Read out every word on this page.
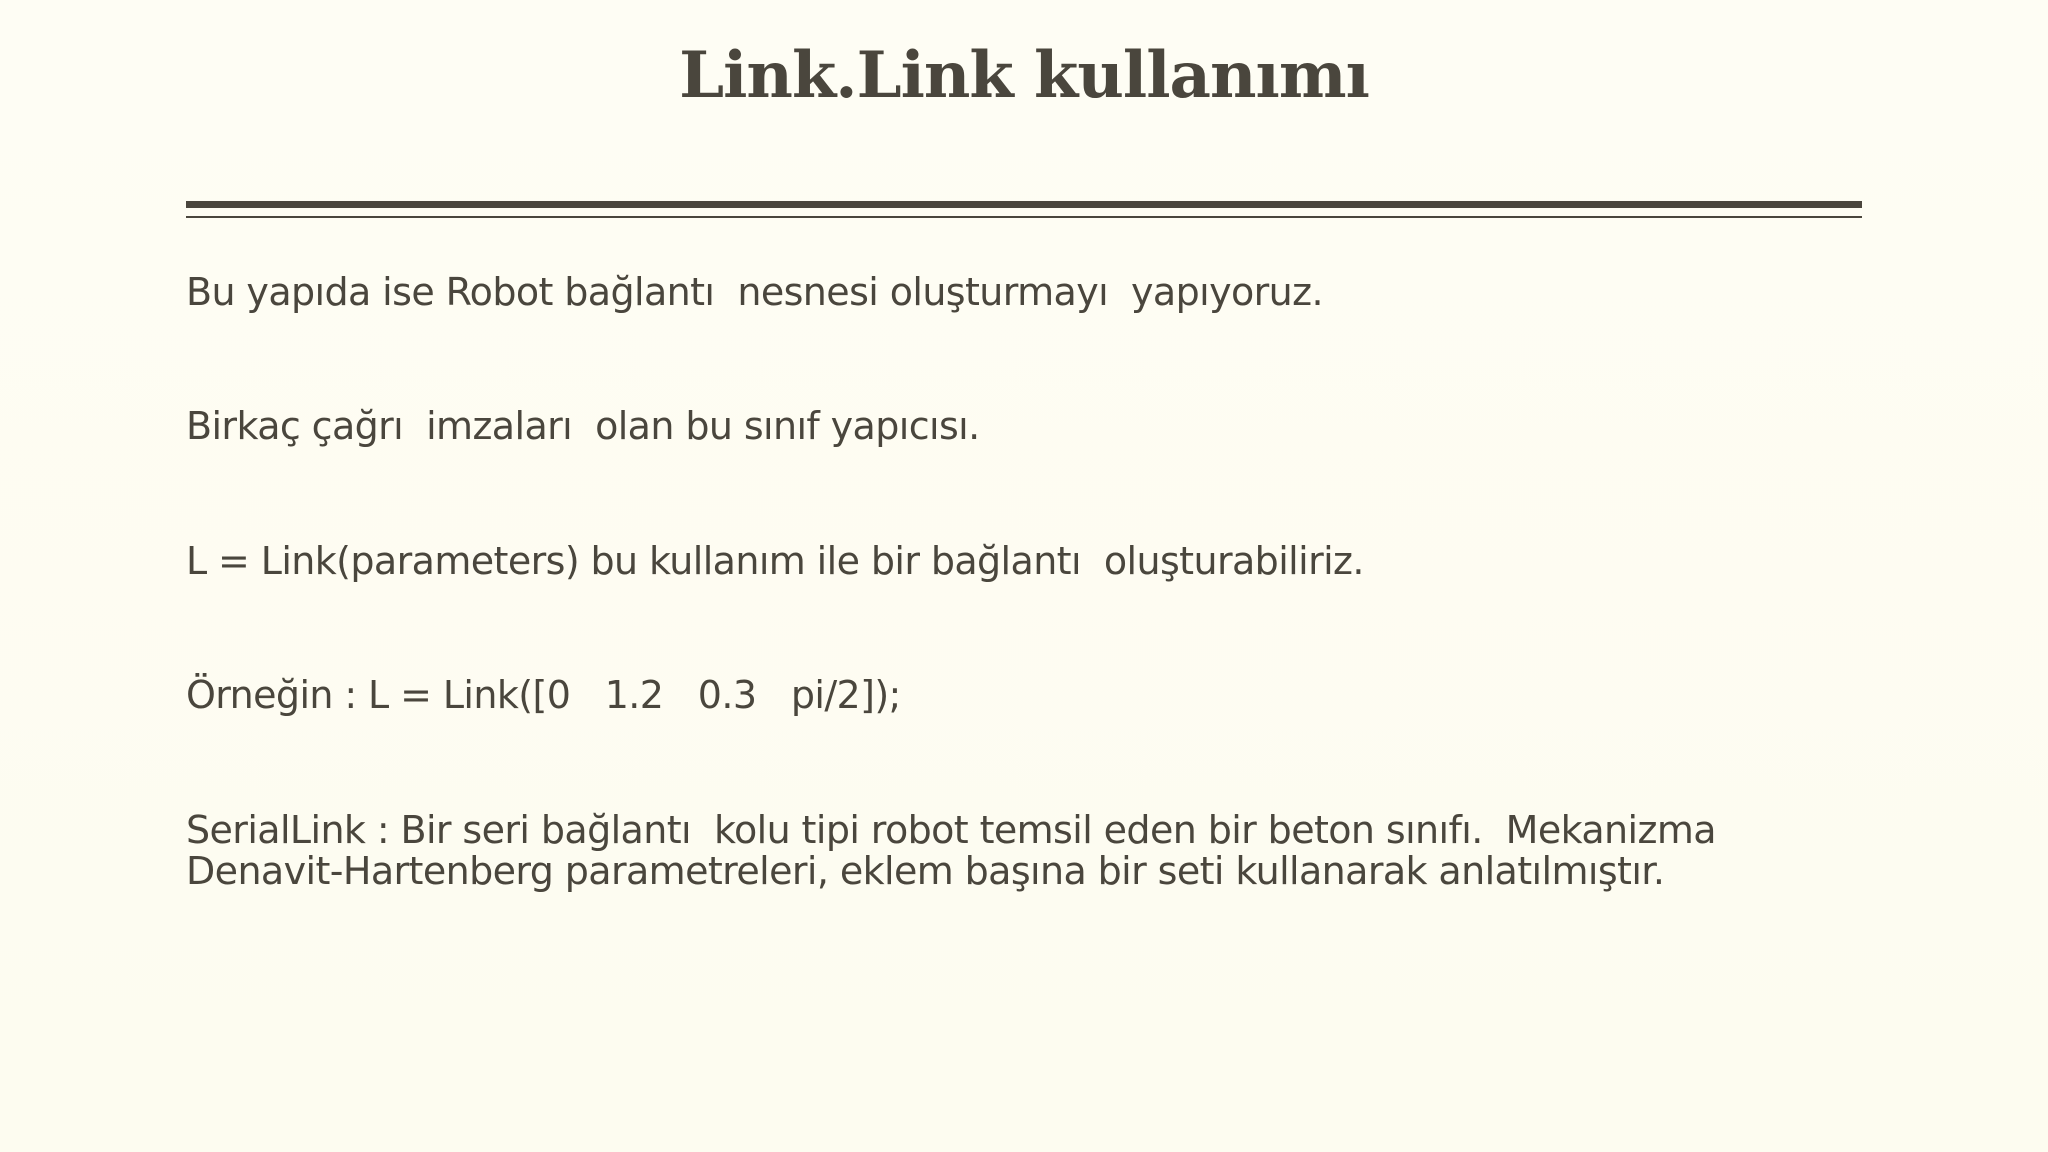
Link.Link kullanımı

Bu yapıda ise Robot bağlantı  nesnesi oluşturmayı  yapıyoruz.

Birkaç çağrı  imzaları  olan bu sınıf yapıcısı.

L = Link(parameters) bu kullanım ile bir bağlantı  oluşturabiliriz.

Örneğin : L = Link([0   1.2   0.3   pi/2]);

SerialLink : Bir seri bağlantı  kolu tipi robot temsil eden bir beton sınıfı.  Mekanizma Denavit-Hartenberg parametreleri, eklem başına bir seti kullanarak anlatılmıştır.
